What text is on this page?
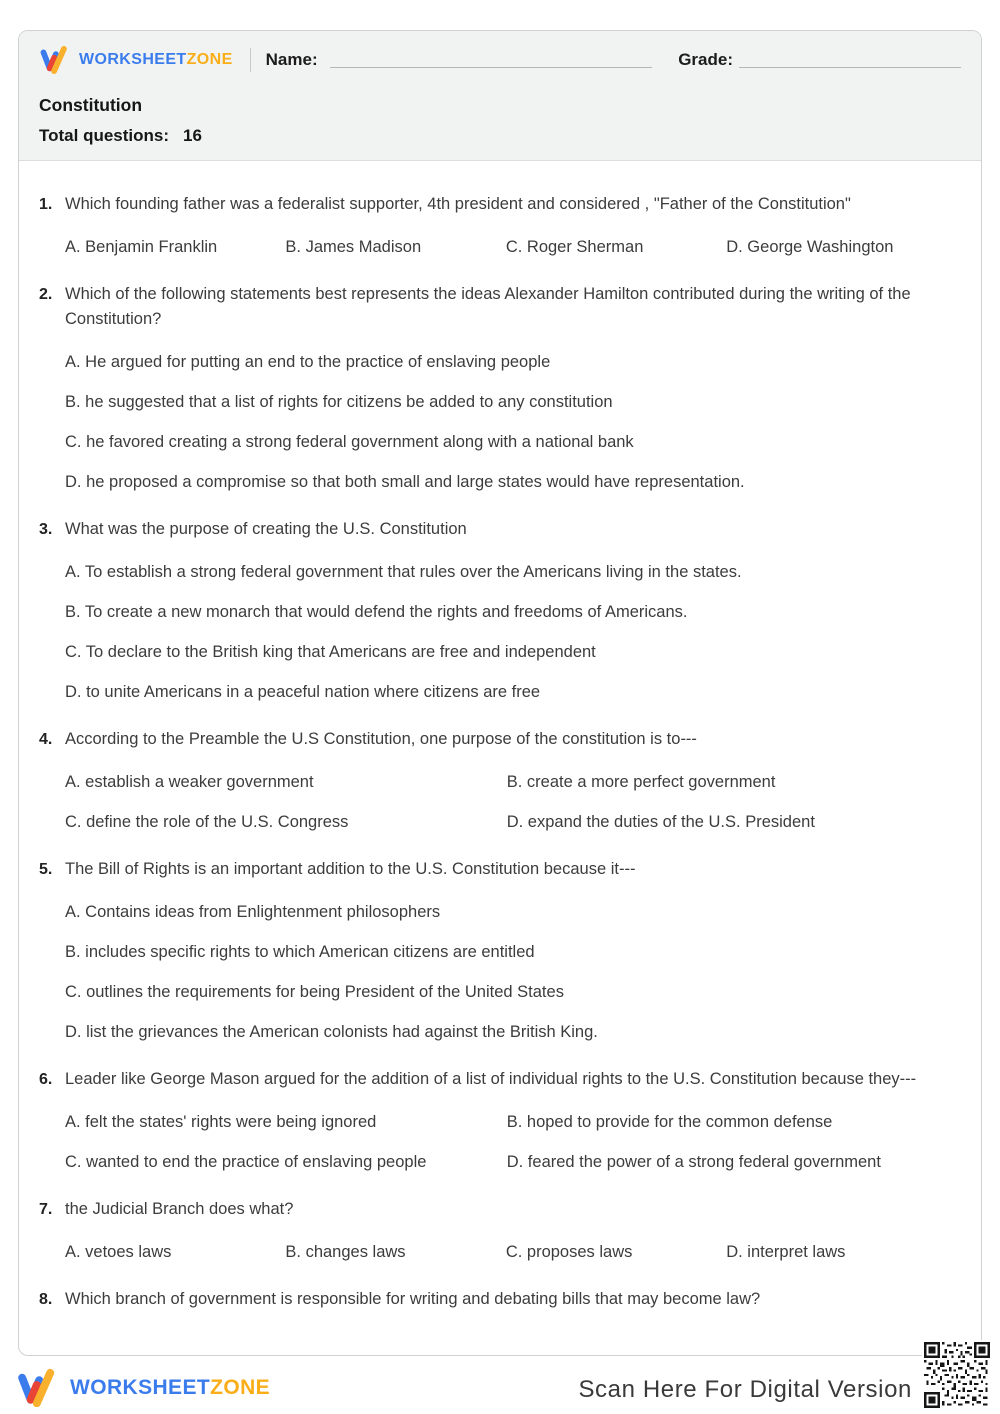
WORKSHEETZONE Name:	Grade:
Constitution
Total questions: 16
1. Which founding father was a federalist supporter, 4th president and considered , "Father of the Constitution"
A. Benjamin Franklin	B. James Madison	C. Roger Sherman	D. George Washington
2. Which of the following statements best represents the ideas Alexander Hamilton contributed during the writing of the Constitution?
A. He argued for putting an end to the practice of enslaving people
B. he suggested that a list of rights for citizens be added to any constitution
C. he favored creating a strong federal government along with a national bank
D. he proposed a compromise so that both small and large states would have representation.
3. What was the purpose of creating the U.S. Constitution
A. To establish a strong federal government that rules over the Americans living in the states.
B. To create a new monarch that would defend the rights and freedoms of Americans.
C. To declare to the British king that Americans are free and independent
D. to unite Americans in a peaceful nation where citizens are free
4. According to the Preamble the U.S Constitution, one purpose of the constitution is to---
A. establish a weaker government	B. create a more perfect government
C. define the role of the U.S. Congress	D. expand the duties of the U.S. President
5. The Bill of Rights is an important addition to the U.S. Constitution because it---
A. Contains ideas from Enlightenment philosophers
B. includes specific rights to which American citizens are entitled
C. outlines the requirements for being President of the United States
D. list the grievances the American colonists had against the British King.
6. Leader like George Mason argued for the addition of a list of individual rights to the U.S. Constitution because they---
A. felt the states' rights were being ignored	B. hoped to provide for the common defense
C. wanted to end the practice of enslaving people	D. feared the power of a strong federal government
7. the Judicial Branch does what?
A. vetoes laws	B. changes laws	C. proposes laws	D. interpret laws
8. Which branch of government is responsible for writing and debating bills that may become law?
WORKSHEETZONE	Scan Here For Digital Version
